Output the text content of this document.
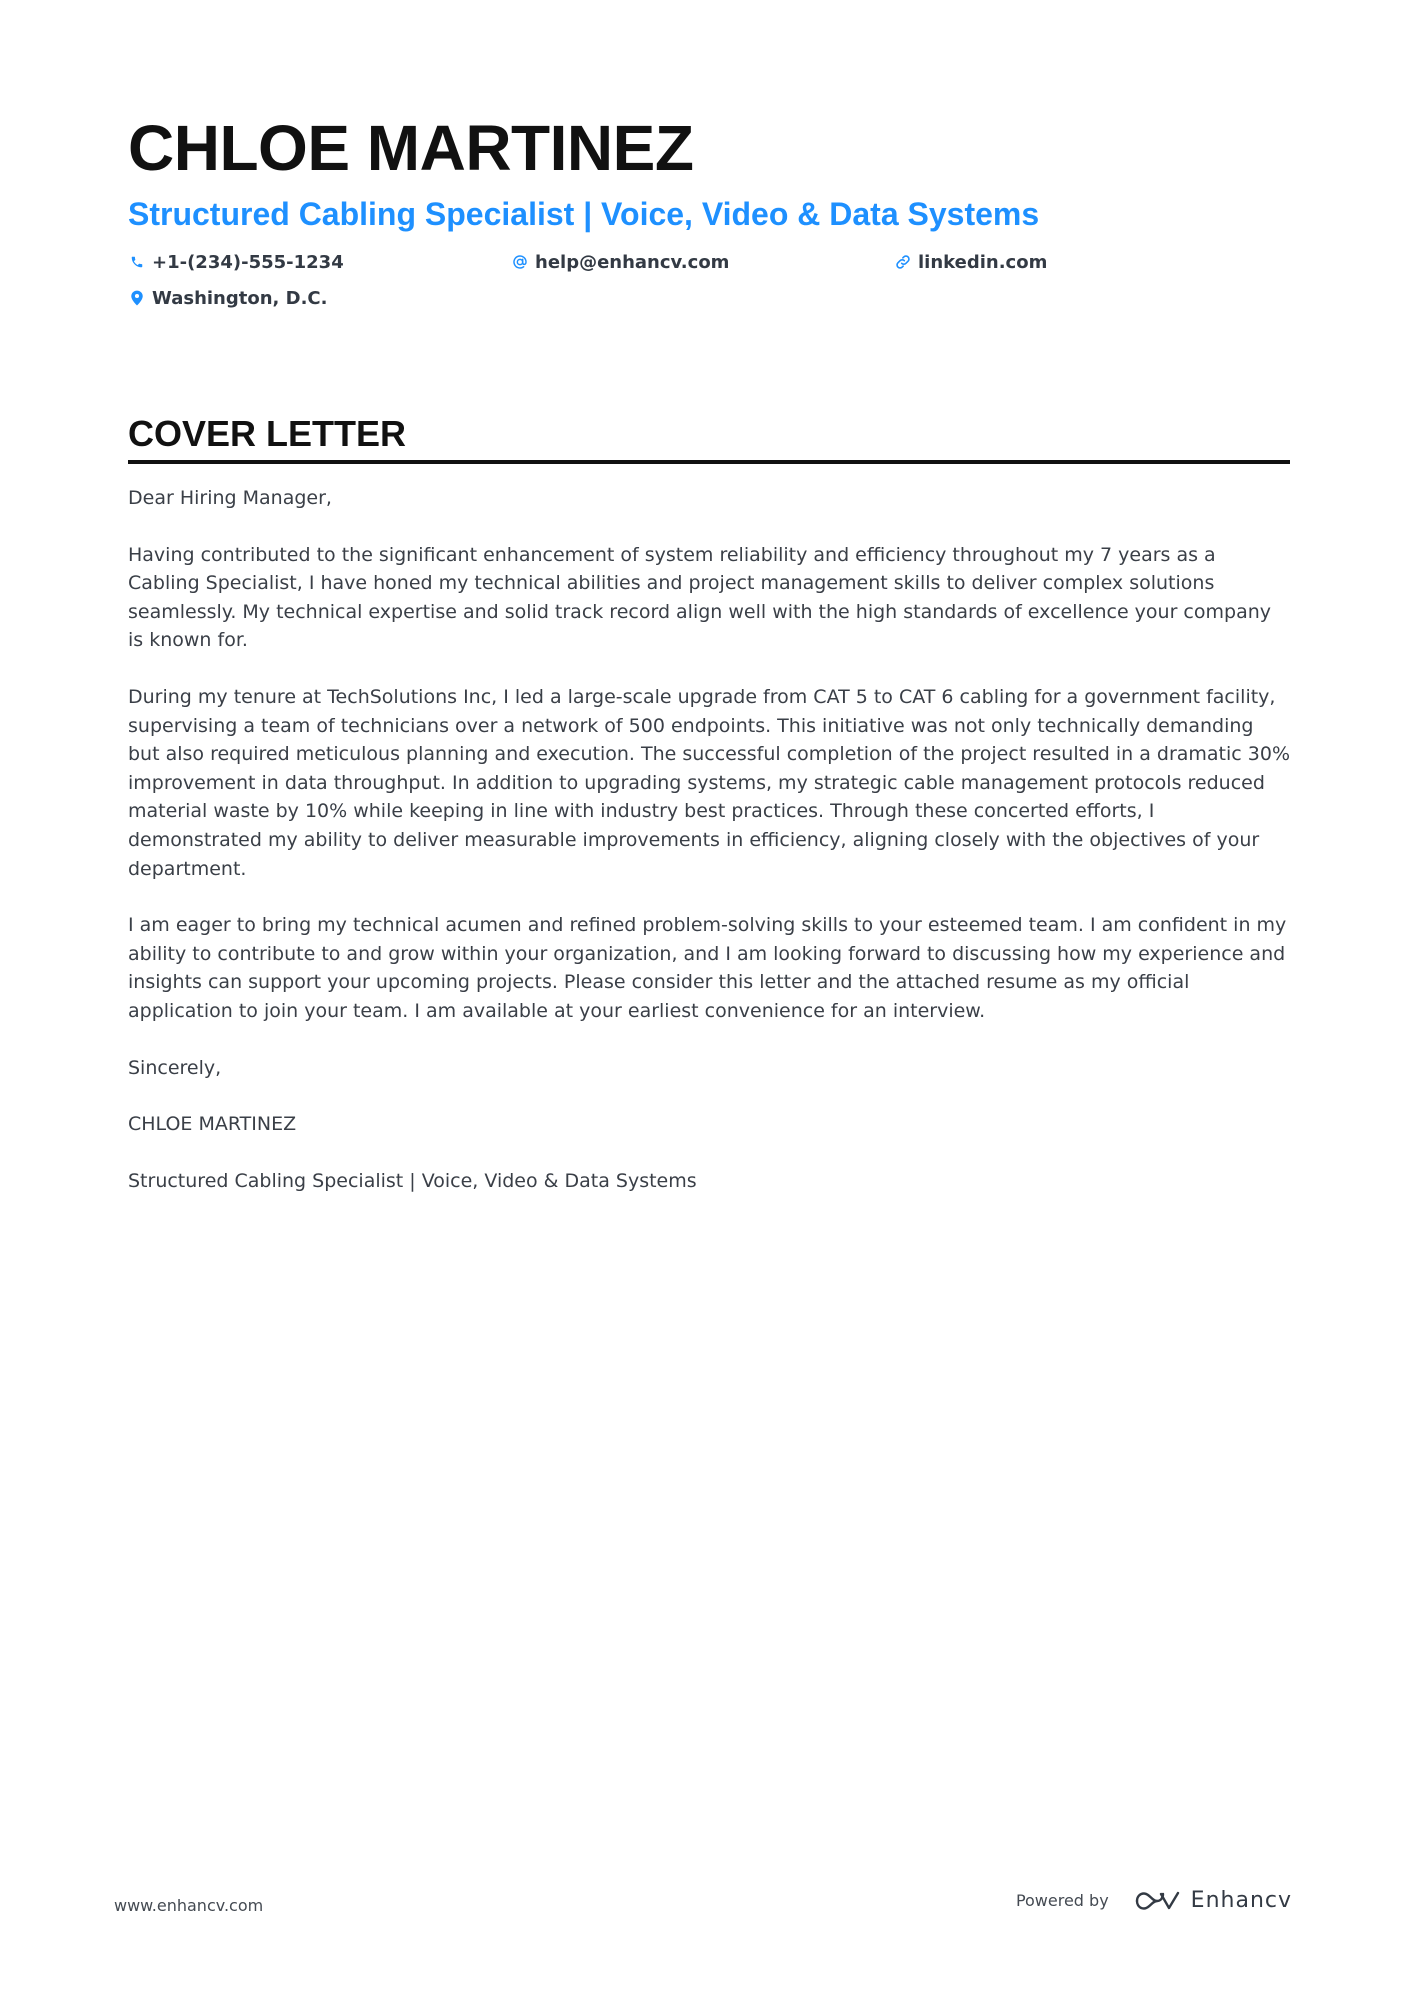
CHLOE MARTINEZ
Structured Cabling Specialist | Voice, Video & Data Systems
+1-(234)-555-1234	help@enhancv.com	linkedin.com
Washington, D.C.
COVER LETTER

Dear Hiring Manager,

Having contributed to the significant enhancement of system reliability and efficiency throughout my 7 years as a Cabling Specialist, I have honed my technical abilities and project management skills to deliver complex solutions seamlessly. My technical expertise and solid track record align well with the high standards of excellence your company is known for.

During my tenure at TechSolutions Inc, I led a large-scale upgrade from CAT 5 to CAT 6 cabling for a government facility, supervising a team of technicians over a network of 500 endpoints. This initiative was not only technically demanding but also required meticulous planning and execution. The successful completion of the project resulted in a dramatic 30% improvement in data throughput. In addition to upgrading systems, my strategic cable management protocols reduced material waste by 10% while keeping in line with industry best practices. Through these concerted efforts, I demonstrated my ability to deliver measurable improvements in efficiency, aligning closely with the objectives of your department.

I am eager to bring my technical acumen and refined problem-solving skills to your esteemed team. I am confident in my ability to contribute to and grow within your organization, and I am looking forward to discussing how my experience and insights can support your upcoming projects. Please consider this letter and the attached resume as my official application to join your team. I am available at your earliest convenience for an interview.

Sincerely,

CHLOE MARTINEZ

Structured Cabling Specialist | Voice, Video & Data Systems

www.enhancv.com	Powered by	Enhancv
